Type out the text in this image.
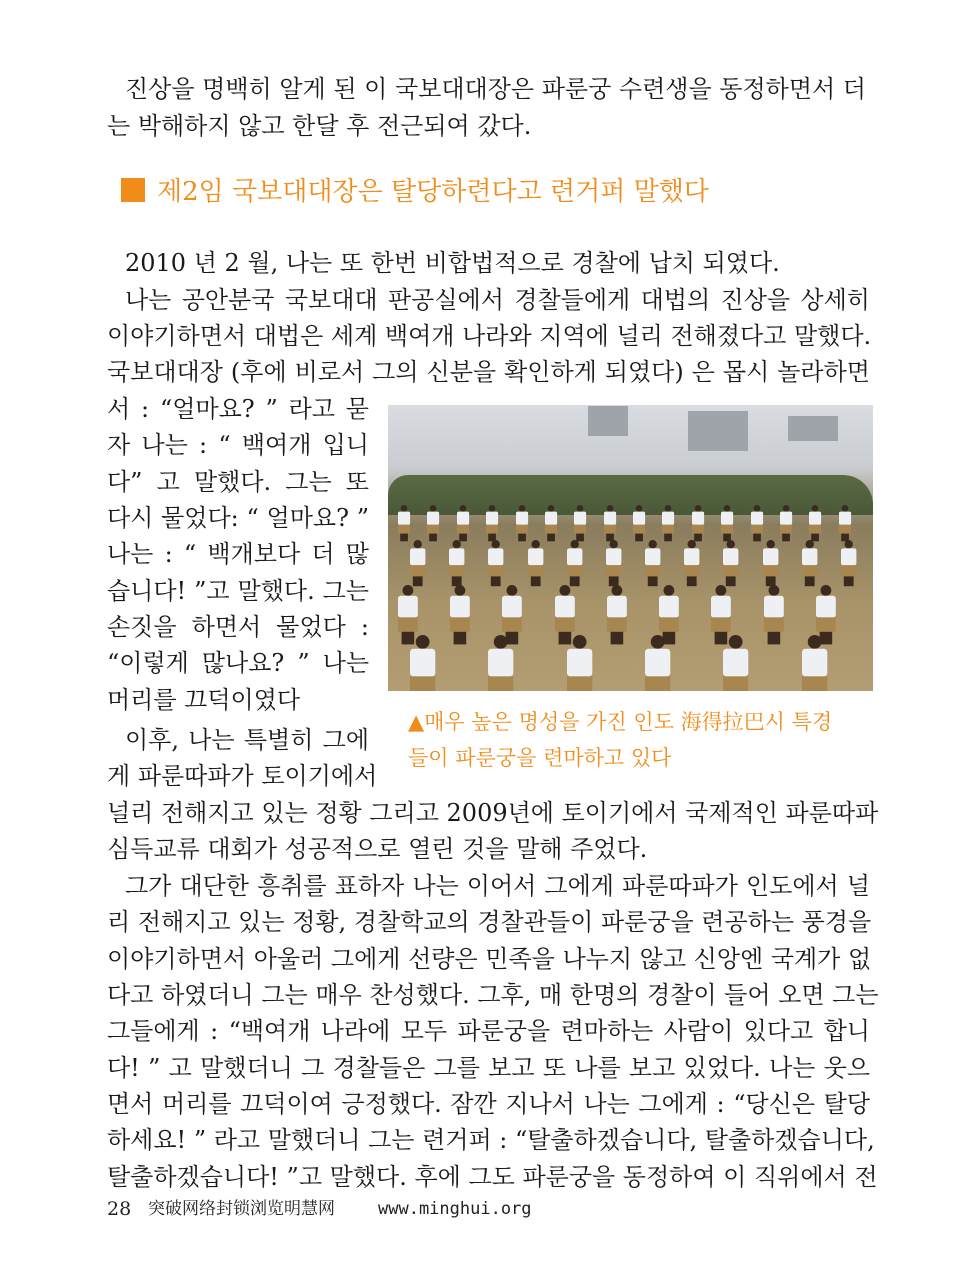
진상을 명백히 알게 된 이 국보대대장은 파룬궁 수련생을 동정하면서 더
는 박해하지 않고 한달 후 전근되여 갔다.
제2임 국보대대장은 탈당하련다고 련거퍼 말했다
2010 년 2 월, 나는 또 한번 비합법적으로 경찰에 납치 되였다.
나는 공안분국 국보대대 판공실에서 경찰들에게 대법의 진상을 상세히
이야기하면서 대법은 세계 백여개 나라와 지역에 널리 전해졌다고 말했다.
국보대대장 (후에 비로서 그의 신분을 확인하게 되였다) 은 몹시 놀라하면
서 : “얼마요? ” 라고 묻
자 나는 : “ 백여개 입니
다” 고 말했다. 그는 또
다시 물었다: “ 얼마요? ”
나는 : “ 백개보다 더 많
습니다! ”고 말했다. 그는
손짓을 하면서 물었다 :
“이렇게 많나요? ” 나는
머리를 끄덕이였다
이후, 나는 특별히 그에
게 파룬따파가 토이기에서
▲매우 높은 명성을 가진 인도 海得拉巴시 특경
들이 파룬궁을 련마하고 있다
널리 전해지고 있는 정황 그리고 2009년에 토이기에서 국제적인 파룬따파
심득교류 대회가 성공적으로 열린 것을 말해 주었다.
그가 대단한 흥취를 표하자 나는 이어서 그에게 파룬따파가 인도에서 널
리 전해지고 있는 정황, 경찰학교의 경찰관들이 파룬궁을 련공하는 풍경을
이야기하면서 아울러 그에게 선량은 민족을 나누지 않고 신앙엔 국계가 없
다고 하였더니 그는 매우 찬성했다. 그후, 매 한명의 경찰이 들어 오면 그는
그들에게 : “백여개 나라에 모두 파룬궁을 련마하는 사람이 있다고 합니
다! ” 고 말했더니 그 경찰들은 그를 보고 또 나를 보고 있었다. 나는 웃으
면서 머리를 끄덕이여 긍정했다. 잠깐 지나서 나는 그에게 : “당신은 탈당
하세요! ” 라고 말했더니 그는 련거퍼 : “탈출하겠습니다, 탈출하겠습니다,
탈출하겠습니다! ”고 말했다. 후에 그도 파룬궁을 동정하여 이 직위에서 전
28 突破网络封锁浏览明慧网	www.minghui.org
